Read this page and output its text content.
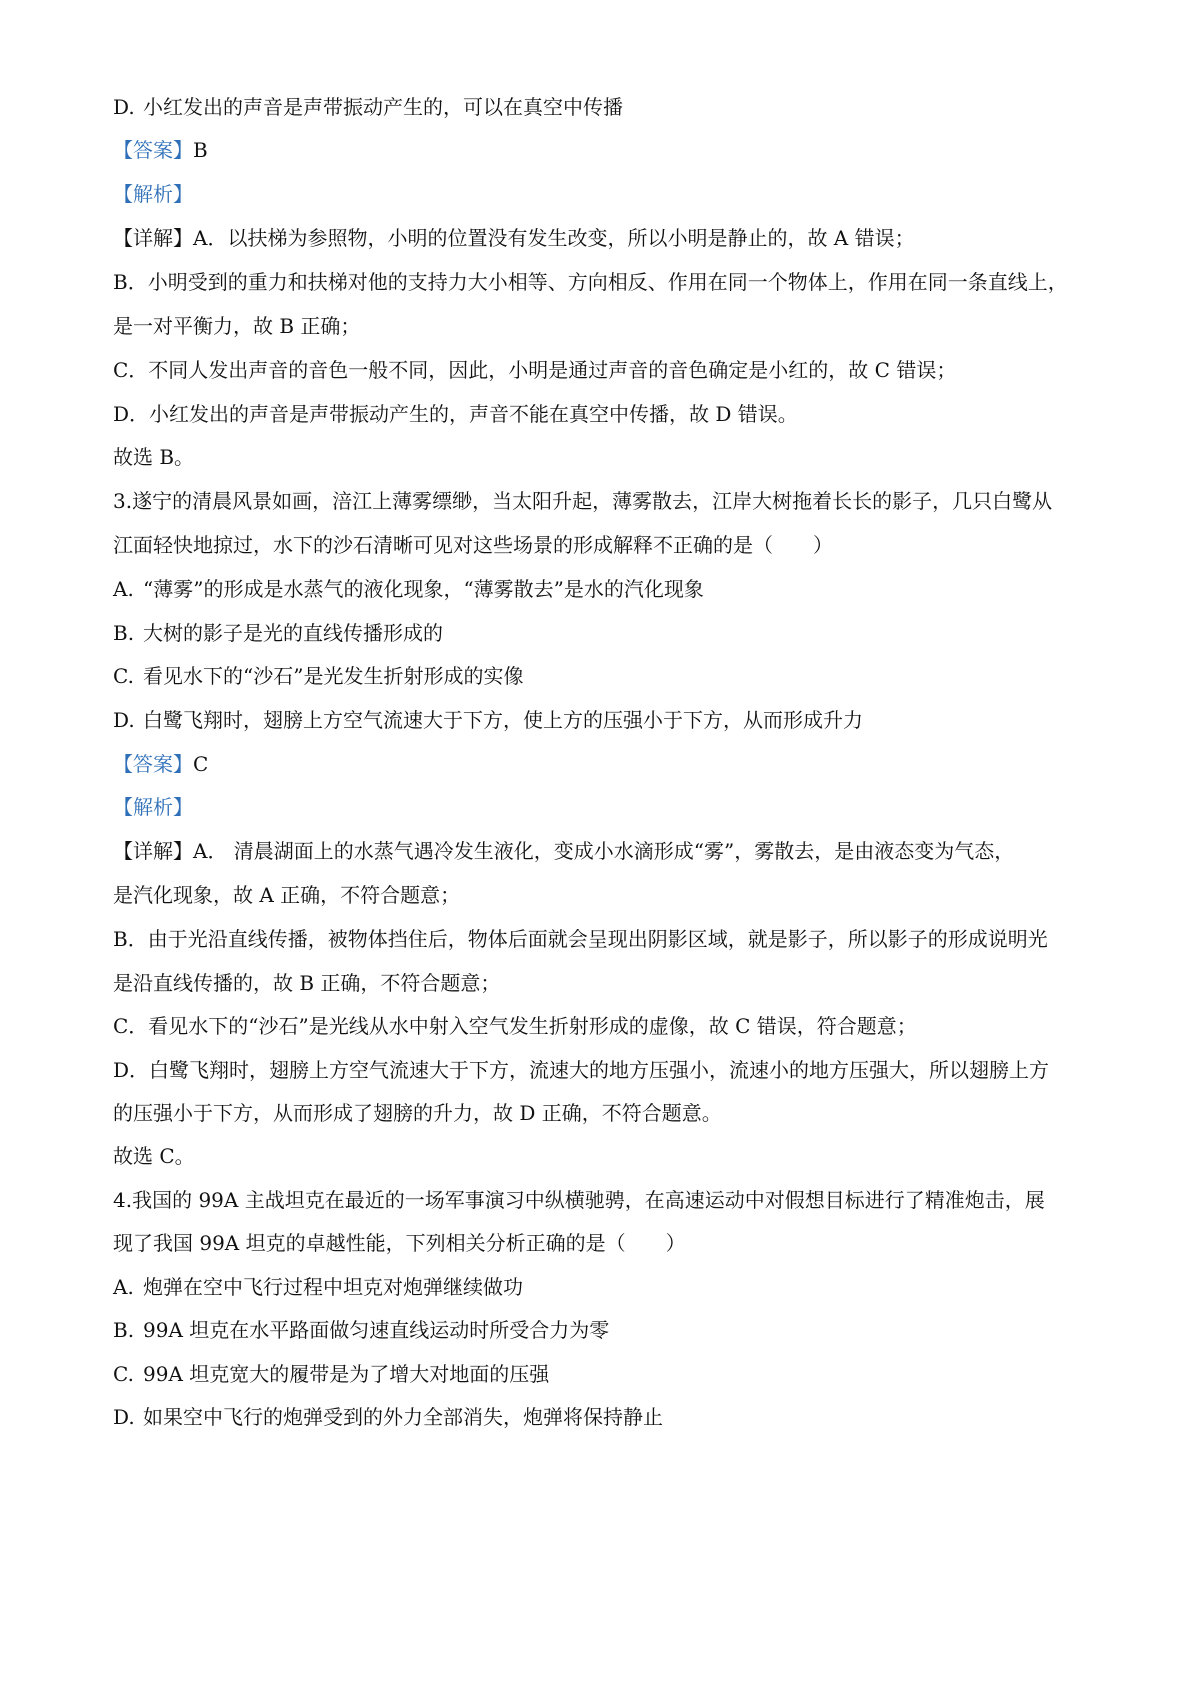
D. 小红发出的声音是声带振动产生的，可以在真空中传播
【答案】B
【解析】
【详解】A．以扶梯为参照物，小明的位置没有发生改变，所以小明是静止的，故 A 错误；
B．小明受到的重力和扶梯对他的支持力大小相等、方向相反、作用在同一个物体上，作用在同一条直线上，
是一对平衡力，故 B 正确；
C．不同人发出声音的音色一般不同，因此，小明是通过声音的音色确定是小红的，故 C 错误；
D．小红发出的声音是声带振动产生的，声音不能在真空中传播，故 D 错误。
故选 B。
3.遂宁的清晨风景如画，涪江上薄雾缥缈，当太阳升起，薄雾散去，江岸大树拖着长长的影子，几只白鹭从
江面轻快地掠过，水下的沙石清晰可见对这些场景的形成解释不正确的是（　　）
A. “薄雾”的形成是水蒸气的液化现象，“薄雾散去”是水的汽化现象
B. 大树的影子是光的直线传播形成的
C. 看见水下的“沙石”是光发生折射形成的实像
D. 白鹭飞翔时，翅膀上方空气流速大于下方，使上方的压强小于下方，从而形成升力
【答案】C
【解析】
【详解】A． 清晨湖面上的水蒸气遇冷发生液化，变成小水滴形成“雾”，雾散去，是由液态变为气态，
是汽化现象，故 A 正确，不符合题意；
B．由于光沿直线传播，被物体挡住后，物体后面就会呈现出阴影区域，就是影子，所以影子的形成说明光
是沿直线传播的，故 B 正确，不符合题意；
C．看见水下的“沙石”是光线从水中射入空气发生折射形成的虚像，故 C 错误，符合题意；
D．白鹭飞翔时，翅膀上方空气流速大于下方，流速大的地方压强小，流速小的地方压强大，所以翅膀上方
的压强小于下方，从而形成了翅膀的升力，故 D 正确，不符合题意。
故选 C。
4.我国的 99A 主战坦克在最近的一场军事演习中纵横驰骋，在高速运动中对假想目标进行了精准炮击，展
现了我国 99A 坦克的卓越性能，下列相关分析正确的是（　　）
A. 炮弹在空中飞行过程中坦克对炮弹继续做功
B. 99A 坦克在水平路面做匀速直线运动时所受合力为零
C. 99A 坦克宽大的履带是为了增大对地面的压强
D. 如果空中飞行的炮弹受到的外力全部消失，炮弹将保持静止
